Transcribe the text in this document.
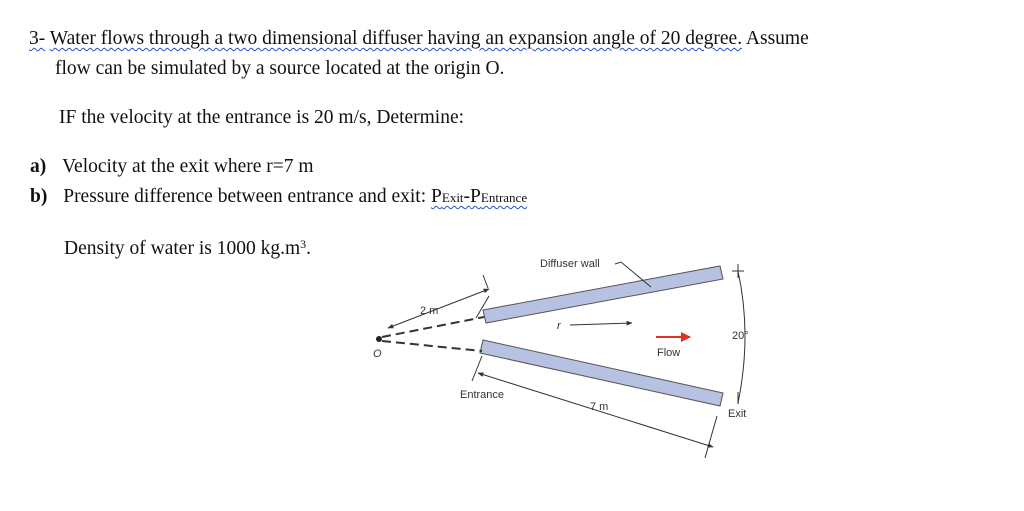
3- Water flows through a two dimensional diffuser having an expansion angle of 20 degree. Assume
flow can be simulated by a source located at the origin O.
IF the velocity at the entrance is 20 m/s, Determine:
a) Velocity at the exit where r=7 m
b) Pressure difference between entrance and exit: PExit-PEntrance
Density of water is 1000 $kg.m^3$.
Diffuser wall
2 m
r
O	Flow
20°
Entrance
7 m
Exit
